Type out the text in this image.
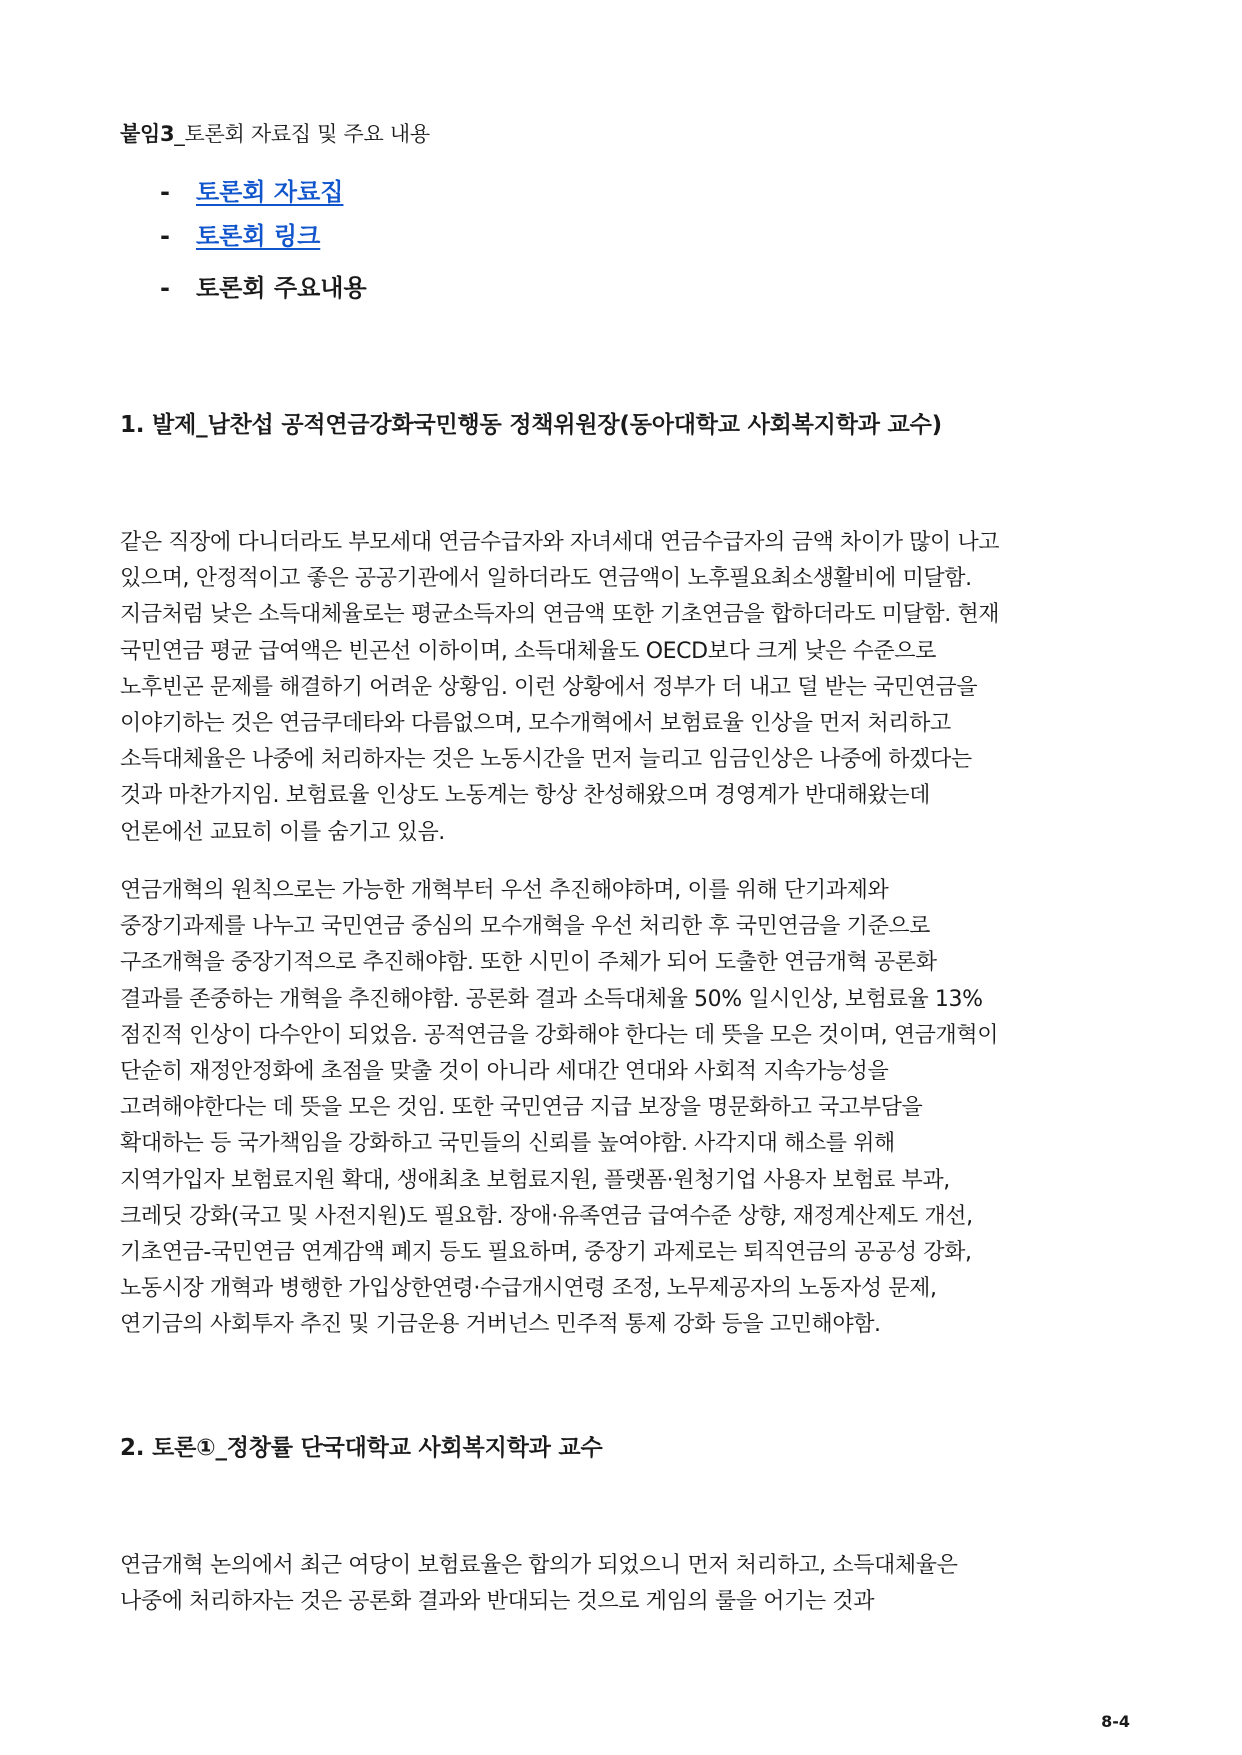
붙임3_토론회 자료집 및 주요 내용
- 토론회 자료집
- 토론회 링크
- 토론회 주요내용
1. 발제_남찬섭 공적연금강화국민행동 정책위원장(동아대학교 사회복지학과 교수)
같은 직장에 다니더라도 부모세대 연금수급자와 자녀세대 연금수급자의 금액 차이가 많이 나고
있으며, 안정적이고 좋은 공공기관에서 일하더라도 연금액이 노후필요최소생활비에 미달함.
지금처럼 낮은 소득대체율로는 평균소득자의 연금액 또한 기초연금을 합하더라도 미달함. 현재
국민연금 평균 급여액은 빈곤선 이하이며, 소득대체율도 OECD보다 크게 낮은 수준으로
노후빈곤 문제를 해결하기 어려운 상황임. 이런 상황에서 정부가 더 내고 덜 받는 국민연금을
이야기하는 것은 연금쿠데타와 다름없으며, 모수개혁에서 보험료율 인상을 먼저 처리하고
소득대체율은 나중에 처리하자는 것은 노동시간을 먼저 늘리고 임금인상은 나중에 하겠다는
것과 마찬가지임. 보험료율 인상도 노동계는 항상 찬성해왔으며 경영계가 반대해왔는데
언론에선 교묘히 이를 숨기고 있음.
연금개혁의 원칙으로는 가능한 개혁부터 우선 추진해야하며, 이를 위해 단기과제와
중장기과제를 나누고 국민연금 중심의 모수개혁을 우선 처리한 후 국민연금을 기준으로
구조개혁을 중장기적으로 추진해야함. 또한 시민이 주체가 되어 도출한 연금개혁 공론화
결과를 존중하는 개혁을 추진해야함. 공론화 결과 소득대체율 50% 일시인상, 보험료율 13%
점진적 인상이 다수안이 되었음. 공적연금을 강화해야 한다는 데 뜻을 모은 것이며, 연금개혁이
단순히 재정안정화에 초점을 맞출 것이 아니라 세대간 연대와 사회적 지속가능성을
고려해야한다는 데 뜻을 모은 것임. 또한 국민연금 지급 보장을 명문화하고 국고부담을
확대하는 등 국가책임을 강화하고 국민들의 신뢰를 높여야함. 사각지대 해소를 위해
지역가입자 보험료지원 확대, 생애최초 보험료지원, 플랫폼·원청기업 사용자 보험료 부과,
크레딧 강화(국고 및 사전지원)도 필요함. 장애·유족연금 급여수준 상향, 재정계산제도 개선,
기초연금-국민연금 연계감액 폐지 등도 필요하며, 중장기 과제로는 퇴직연금의 공공성 강화,
노동시장 개혁과 병행한 가입상한연령·수급개시연령 조정, 노무제공자의 노동자성 문제,
연기금의 사회투자 추진 및 기금운용 거버넌스 민주적 통제 강화 등을 고민해야함.
2. 토론①_정창률 단국대학교 사회복지학과 교수
연금개혁 논의에서 최근 여당이 보험료율은 합의가 되었으니 먼저 처리하고, 소득대체율은
나중에 처리하자는 것은 공론화 결과와 반대되는 것으로 게임의 룰을 어기는 것과
8-4
